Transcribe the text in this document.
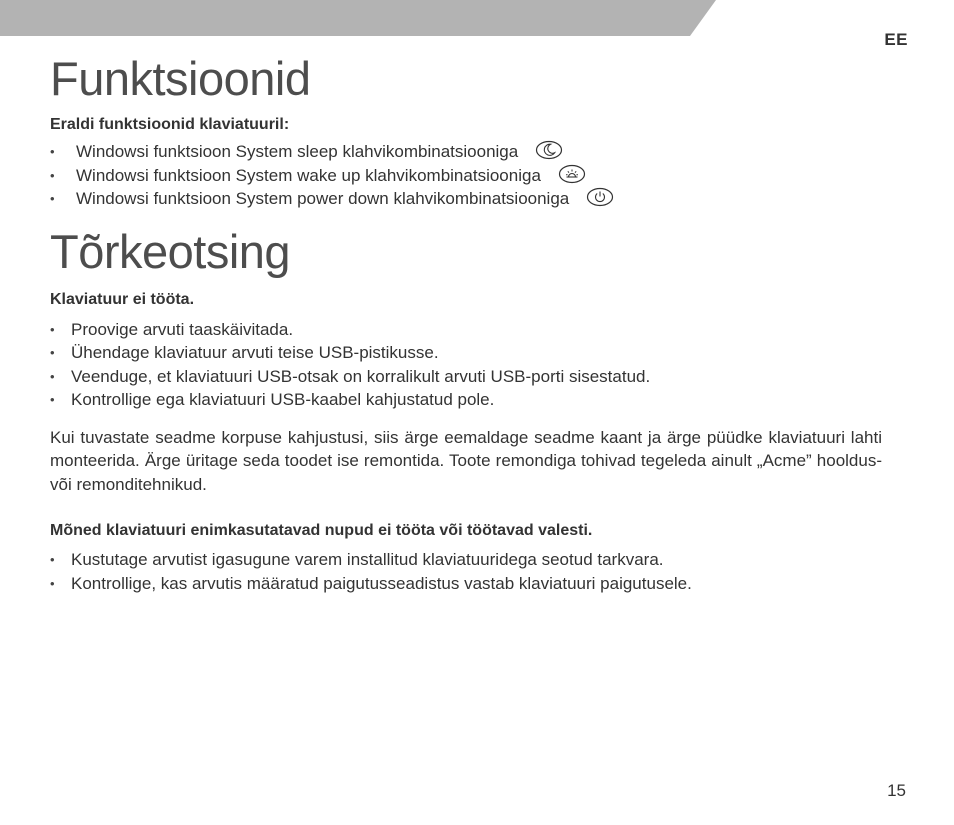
EE
Funktsioonid
Eraldi funktsioonid klaviatuuril:
• Windowsi funktsioon System sleep klahvikombinatsiooniga
• Windowsi funktsioon System wake up klahvikombinatsiooniga
• Windowsi funktsioon System power down klahvikombinatsiooniga
Tõrkeotsing
Klaviatuur ei tööta.
• Proovige arvuti taaskäivitada.
• Ühendage klaviatuur arvuti teise USB-pistikusse.
• Veenduge, et klaviatuuri USB-otsak on korralikult arvuti USB-porti sisestatud.
• Kontrollige ega klaviatuuri USB-kaabel kahjustatud pole.

Kui tuvastate seadme korpuse kahjustusi, siis ärge eemaldage seadme kaant ja ärge püüdke klaviatuuri lahti monteerida. Ärge üritage seda toodet ise remontida. Toote remondiga tohivad tegeleda ainult „Acme” hooldus- või remonditehnikud.

Mõned klaviatuuri enimkasutatavad nupud ei tööta või töötavad valesti.
• Kustutage arvutist igasugune varem installitud klaviatuuridega seotud tarkvara.
• Kontrollige, kas arvutis määratud paigutusseadistus vastab klaviatuuri paigutusele.
15
